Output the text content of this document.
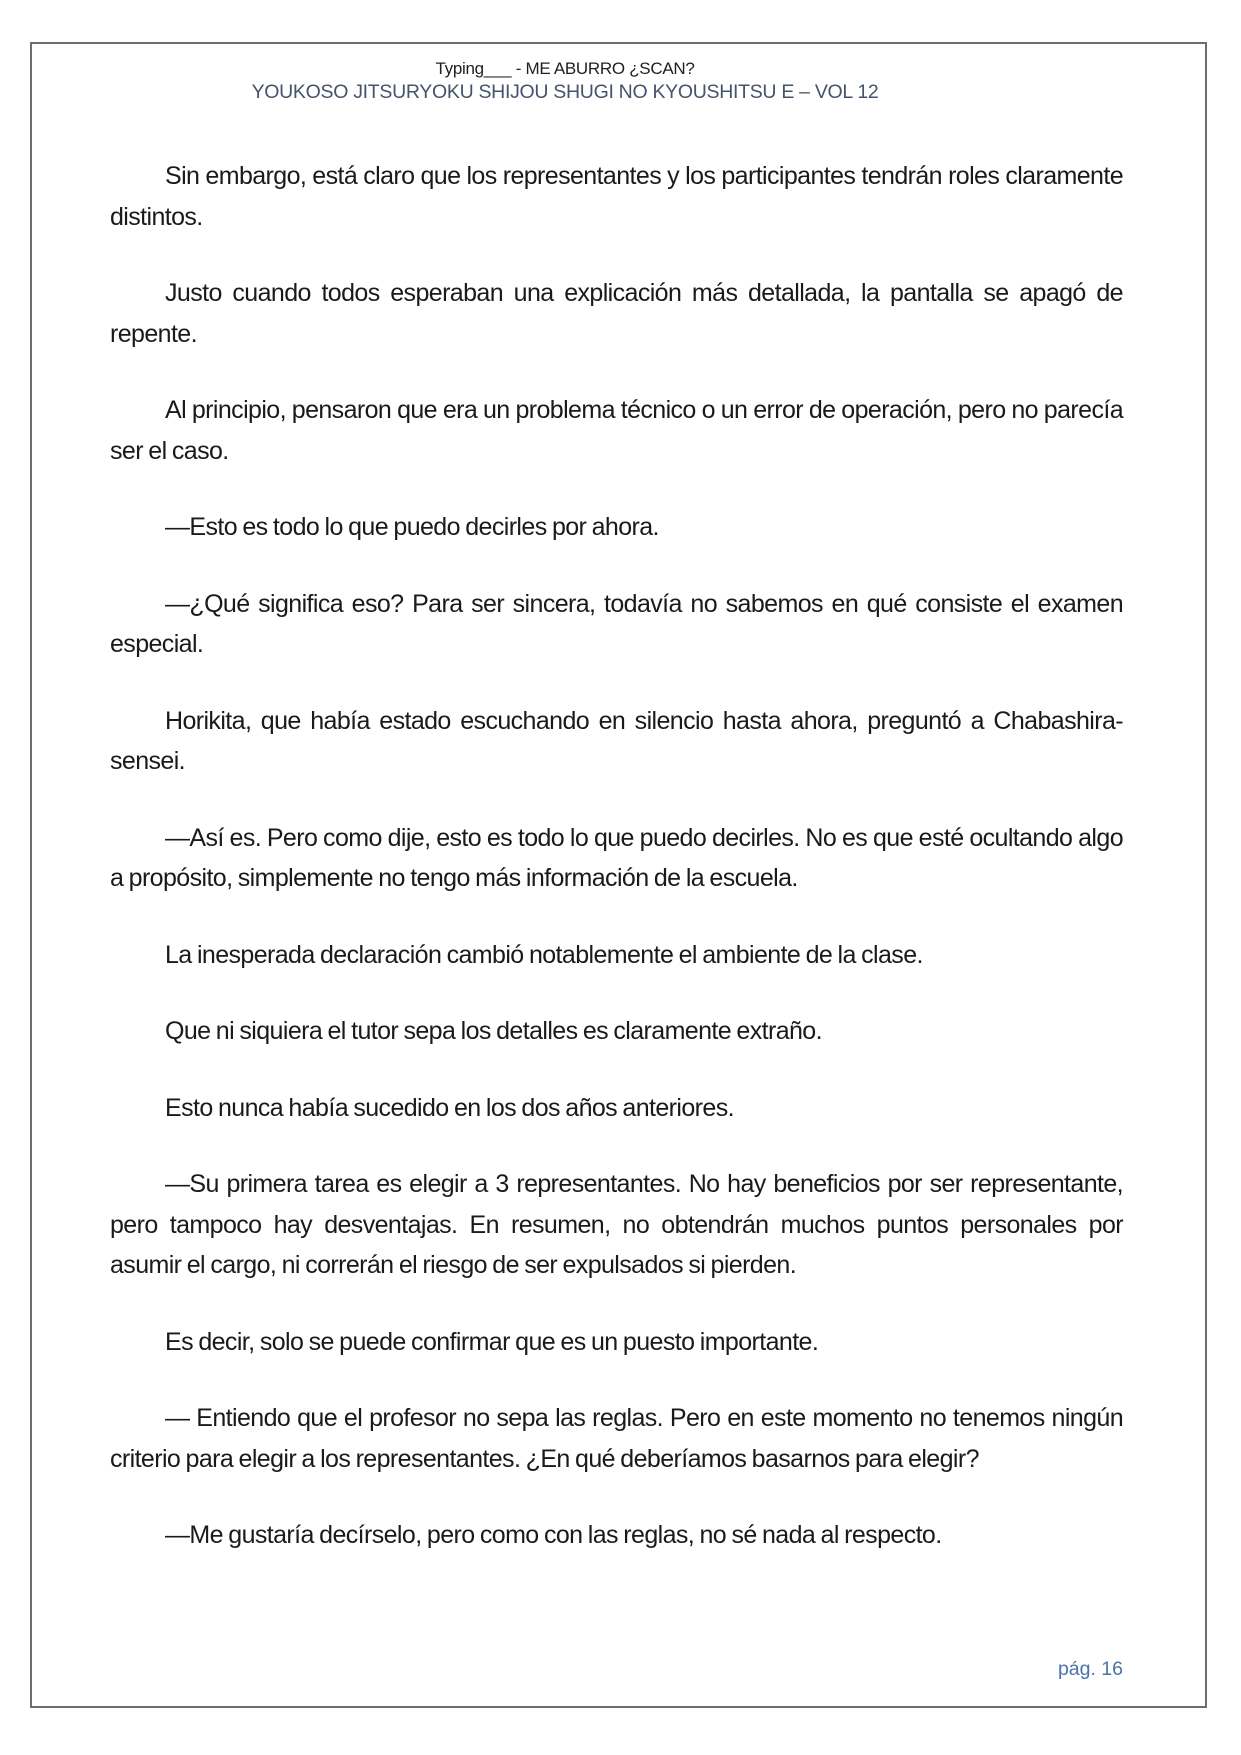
Typing___ - ME ABURRO ¿SCAN?
YOUKOSO JITSURYOKU SHIJOU SHUGI NO KYOUSHITSU E – VOL 12

Sin embargo, está claro que los representantes y los participantes tendrán roles claramente distintos.

Justo cuando todos esperaban una explicación más detallada, la pantalla se apagó de repente.

Al principio, pensaron que era un problema técnico o un error de operación, pero no parecía ser el caso.

—Esto es todo lo que puedo decirles por ahora.

—¿Qué significa eso? Para ser sincera, todavía no sabemos en qué consiste el examen especial.

Horikita, que había estado escuchando en silencio hasta ahora, preguntó a Chabashira-sensei.

—Así es. Pero como dije, esto es todo lo que puedo decirles. No es que esté ocultando algo a propósito, simplemente no tengo más información de la escuela.

La inesperada declaración cambió notablemente el ambiente de la clase.

Que ni siquiera el tutor sepa los detalles es claramente extraño.

Esto nunca había sucedido en los dos años anteriores.

—Su primera tarea es elegir a 3 representantes. No hay beneficios por ser representante, pero tampoco hay desventajas. En resumen, no obtendrán muchos puntos personales por asumir el cargo, ni correrán el riesgo de ser expulsados si pierden.

Es decir, solo se puede confirmar que es un puesto importante.

— Entiendo que el profesor no sepa las reglas. Pero en este momento no tenemos ningún criterio para elegir a los representantes. ¿En qué deberíamos basarnos para elegir?

—Me gustaría decírselo, pero como con las reglas, no sé nada al respecto.

pág. 16
